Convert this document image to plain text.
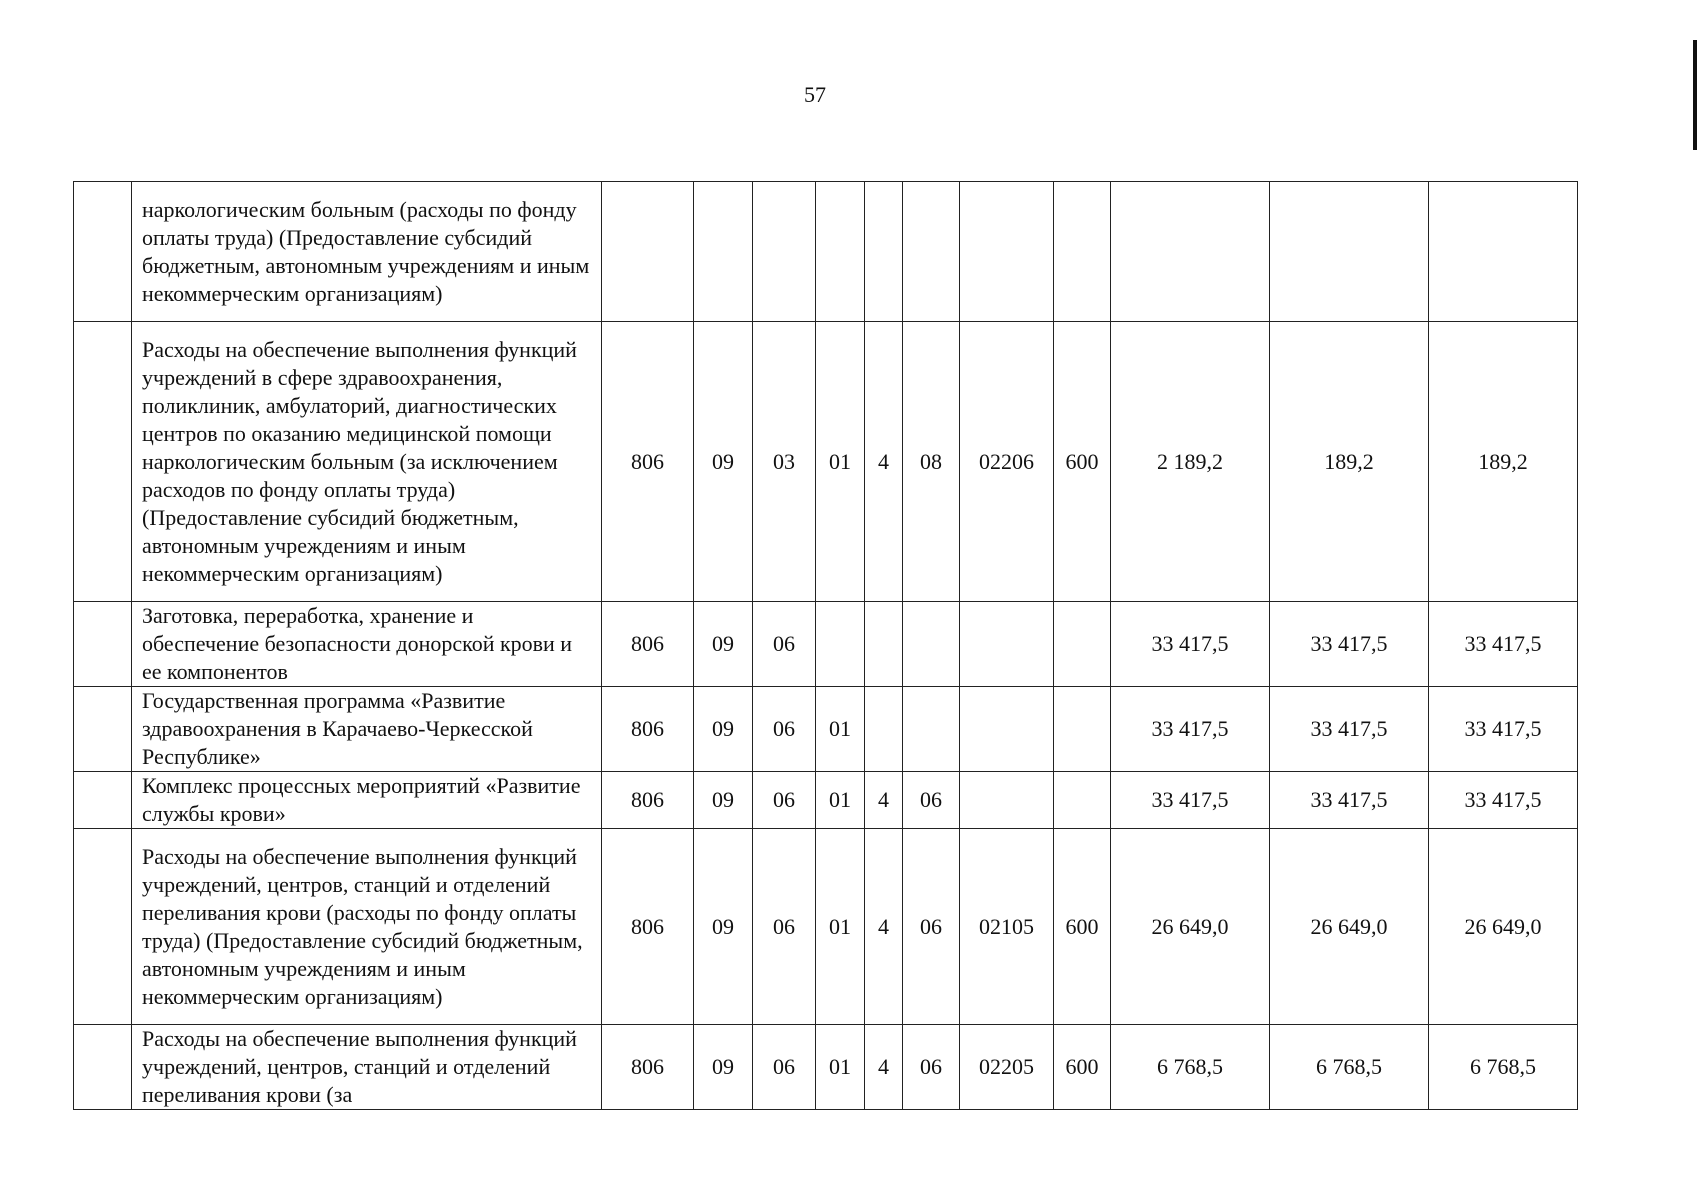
57
	наркологическим больным (расходы по фонду оплаты труда) (Предоставление субсидий бюджетным, автономным учреждениям и иным некоммерческим организациям)											
	Расходы на обеспечение выполнения функций учреждений в сфере здравоохранения, поликлиник, амбулаторий, диагностических центров по оказанию медицинской помощи наркологическим больным (за исключением расходов по фонду оплаты труда) (Предоставление субсидий бюджетным, автономным учреждениям и иным некоммерческим организациям)	806	09	03	01	4	08	02206	600	2 189,2	189,2	189,2
	Заготовка, переработка, хранение и обеспечение безопасности донорской крови и ее компонентов	806	09	06						33 417,5	33 417,5	33 417,5
	Государственная программа «Развитие здравоохранения в Карачаево-Черкесской Республике»	806	09	06	01					33 417,5	33 417,5	33 417,5
	Комплекс процессных мероприятий «Развитие службы крови»	806	09	06	01	4	06			33 417,5	33 417,5	33 417,5
	Расходы на обеспечение выполнения функций учреждений, центров, станций и отделений переливания крови (расходы по фонду оплаты труда) (Предоставление субсидий бюджетным, автономным учреждениям и иным некоммерческим организациям)	806	09	06	01	4	06	02105	600	26 649,0	26 649,0	26 649,0
	Расходы на обеспечение выполнения функций учреждений, центров, станций и отделений переливания крови (за	806	09	06	01	4	06	02205	600	6 768,5	6 768,5	6 768,5
